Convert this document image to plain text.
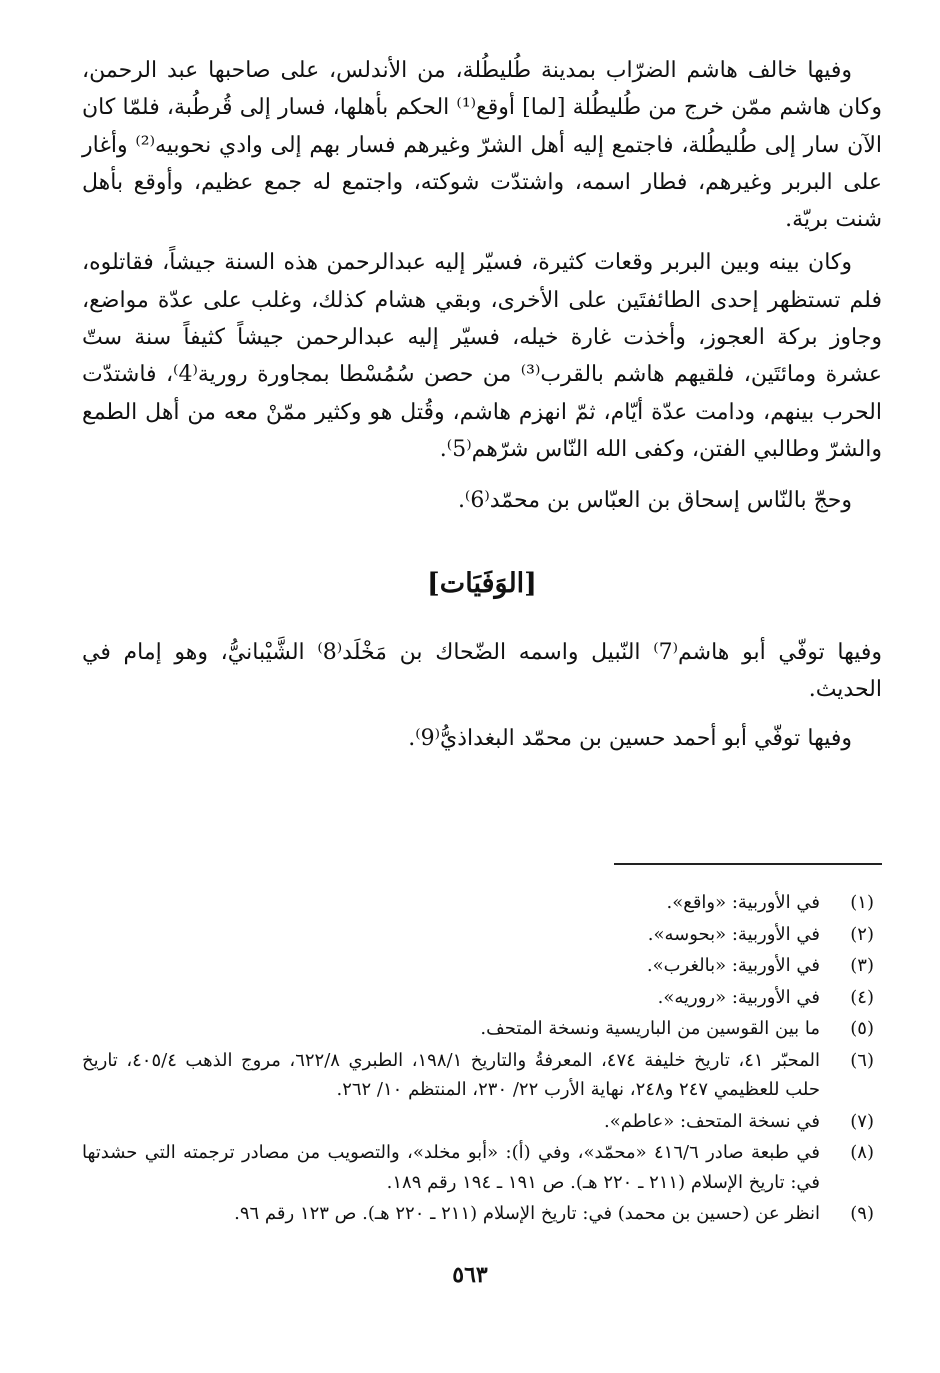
وفيها خالف هاشم الضرّاب بمدينة طُليطُلة، من الأندلس، على صاحبها عبد الرحمن، وكان هاشم ممّن خرج من طُليطُلة [لما] أوقع⁽¹⁾ الحكم بأهلها، فسار إلى قُرطُبة، فلمّا كان الآن سار إلى طُليطُلة، فاجتمع إليه أهل الشرّ وغيرهم فسار بهم إلى وادي نحوبيه⁽²⁾ وأغار على البربر وغيرهم، فطار اسمه، واشتدّت شوكته، واجتمع له جمع عظيم، وأوقع بأهل شنت بريّة.

وكان بينه وبين البربر وقعات كثيرة، فسيّر إليه عبدالرحمن هذه السنة جيشاً، فقاتلوه، فلم تستظهر إحدى الطائفتَين على الأخرى، وبقي هشام كذلك، وغلب على عدّة مواضع، وجاوز بركة العجوز، وأخذت غارة خيله، فسيّر إليه عبدالرحمن جيشاً كثيفاً سنة ستّ عشرة ومائتَين، فلقيهم هاشم بالقرب⁽³⁾ من حصن سُمُسْطا بمجاورة رورية⁽4⁾، فاشتدّت الحرب بينهم، ودامت عدّة أيّام، ثمّ انهزم هاشم، وقُتل هو وكثير ممّنْ معه من أهل الطمع والشرّ وطالبي الفتن، وكفى الله النّاس شرّهم⁽5⁾.

وحجّ بالنّاس إسحاق بن العبّاس بن محمّد⁽6⁾.

[الوَفَيَات]

وفيها توفّي أبو هاشم⁽7⁾ النّبيل واسمه الضّحاك بن مَخْلَد⁽8⁾ الشَّيْبانيُّ، وهو إمام في الحديث.

وفيها توفّي أبو أحمد حسين بن محمّد البغداذيُّ⁽9⁾.

(١)
في الأوربية: «واقع».
(٢)
في الأوربية: «بحوسه».
(٣)
في الأوربية: «بالغرب».
(٤)
في الأوربية: «روريه».
(٥)
ما بين القوسين من الباريسية ونسخة المتحف.
(٦)
المحبّر ٤١، تاريخ خليفة ٤٧٤، المعرفةُ والتاريخ ١٩٨/١، الطبري ٦٢٢/٨، مروج الذهب ٤٠٥/٤، تاريخ حلب للعظيمي ٢٤٧ و٢٤٨، نهاية الأرب ٢٢/ ٢٣٠، المنتظم ١٠/ ٢٦٢.
(٧)
في نسخة المتحف: «عاطم».
(٨)
في طبعة صادر ٤١٦/٦ «محمّد»، وفي (أ): «أبو مخلد»، والتصويب من مصادر ترجمته التي حشدتها في: تاريخ الإسلام (٢١١ ـ ٢٢٠ هـ). ص ١٩١ ـ ١٩٤ رقم ١٨٩.
(٩)
انظر عن (حسين بن محمد) في: تاريخ الإسلام (٢١١ ـ ٢٢٠ هـ). ص ١٢٣ رقم ٩٦.
٥٦٣
